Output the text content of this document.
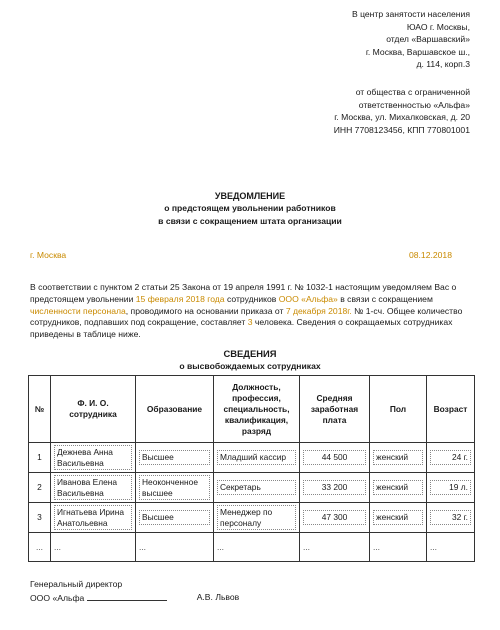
В центр занятости населения
ЮАО г. Москвы,
отдел «Варшавский»
г. Москва, Варшавское ш.,
д. 114, корп.3
от общества с ограниченной
ответственностью «Альфа»
г. Москва, ул. Михалковская, д. 20
ИНН 7708123456, КПП 770801001
УВЕДОМЛЕНИЕ
о предстоящем увольнении работников
в связи с сокращением штата организации
г. Москва	08.12.2018
В соответствии с пунктом 2 статьи 25 Закона от 19 апреля 1991 г. № 1032-1 настоящим уведомляем Вас о предстоящем увольнении 15 февраля 2018 года сотрудников ООО «Альфа» в связи с сокращением численности персонала, проводимого на основании приказа от 7 декабря 2018г. № 1-сч. Общее количество сотрудников, подпавших под сокращение, составляет 3 человека. Сведения о сокращаемых сотрудниках приведены в таблице ниже.
СВЕДЕНИЯ
о высвобождаемых сотрудниках
№	Ф. И. О. сотрудника	Образование	Должность, профессия, специальность, квалификация, разряд	Средняя заработная плата	Пол	Возраст
1	Дежнева Анна Васильевна	Высшее	Младший кассир	44 500	женский	24 г.

2	Иванова Елена Васильевна	Неоконченное высшее	Секретарь	33 200	женский	19 л.

3	Игнатьева Ирина Анатольевна	Высшее	Менеджер по персоналу	47 300	женский	32 г.

...	...	...	...	...	...	...
Генеральный директор
ООО «Альфа	А.В. Львов
